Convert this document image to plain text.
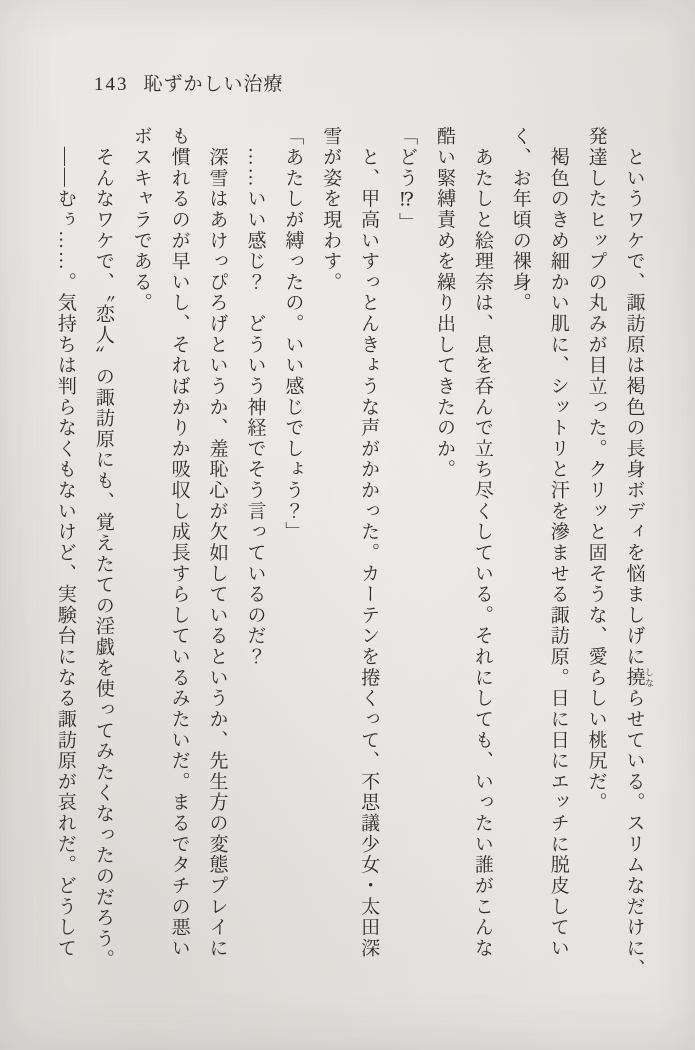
143 恥ずかしい治療
　というワケで、諏訪原は褐色の長身ボディを悩ましげに撓 しならせている。スリムなだけに、
発達したヒップの丸みが目立った。クリッと固そうな、愛らしい桃尻だ。
　褐色のきめ細かい肌に、シットリと汗を滲ませる諏訪原。日に日にエッチに脱皮してい
く、お年頃の裸身。
　あたしと絵理奈は、息を呑んで立ち尽くしている。それにしても、いったい誰がこんな
酷い緊縛責めを繰り出してきたのか。
「どう⁉」
　と、甲高いすっとんきょうな声がかかった。カーテンを捲くって、不思議少女・太田深
雪が姿を現わす。
「あたしが縛ったの。いい感じでしょう？」
　……いい感じ？　どういう神経でそう言っているのだ？
　深雪はあけっぴろげというか、羞恥心が欠如しているというか、先生方の変態プレイに
も慣れるのが早いし、そればかりか吸収し成長すらしているみたいだ。まるでタチの悪い
ボスキャラである。
　そんなワケで、〝恋人〟の諏訪原にも、覚えたての淫戯を使ってみたくなったのだろう。
　――むぅ……。気持ちは判らなくもないけど、実験台になる諏訪原が哀れだ。どうして
